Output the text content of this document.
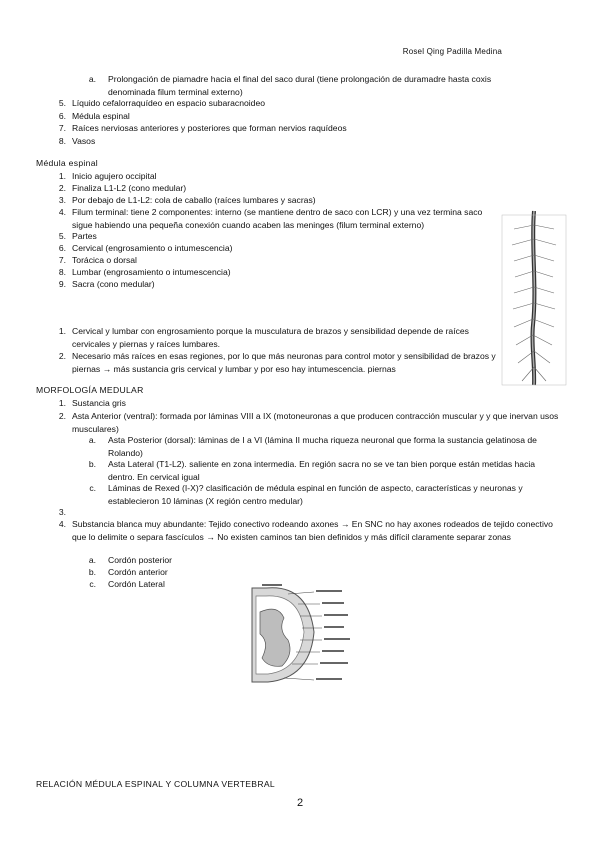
Rosel Qing Padilla Medina
a. Prolongación de piamadre hacia el final del saco dural (tiene prolongación de duramadre hasta coxis denominada filum terminal externo)
5. Líquido cefalorraquídeo en espacio subaracnoideo
6. Médula espinal
7. Raíces nerviosas anteriores y posteriores que forman nervios raquídeos
8. Vasos
Médula espinal
1. Inicio agujero occipital
2. Finaliza L1-L2 (cono medular)
3. Por debajo de L1-L2: cola de caballo (raíces lumbares y sacras)
4. Filum terminal: tiene 2 componentes: interno (se mantiene dentro de saco con LCR) y una vez termina saco sigue habiendo una pequeña conexión cuando acaben las meninges (filum terminal externo)
5. Partes
6. Cervical (engrosamiento o intumescencia)
7. Torácica o dorsal
8. Lumbar (engrosamiento o intumescencia)
9. Sacra (cono medular)
1. Cervical y lumbar con engrosamiento porque la musculatura de brazos y sensibilidad depende de raíces cervicales y piernas y raíces lumbares.
2. Necesario más raíces en esas regiones, por lo que más neuronas para control motor y sensibilidad de brazos y piernas → más sustancia gris cervical y lumbar y por eso hay intumescencia. piernas
MORFOLOGÍA MEDULAR
1. Sustancia gris
2. Asta Anterior (ventral): formada por láminas VIII a IX (motoneuronas a que producen contracción muscular y y que inervan usos musculares)
a. Asta Posterior (dorsal): láminas de I a VI (lámina II mucha riqueza neuronal que forma la sustancia gelatinosa de Rolando)
b. Asta Lateral (T1-L2). saliente en zona intermedia. En región sacra no se ve tan bien porque están metidas hacia dentro. En cervical igual
c. Láminas de Rexed (I-X)? clasificación de médula espinal en función de aspecto, características y neuronas y establecieron 10 láminas (X región centro medular)
3.
4. Substancia blanca muy abundante: Tejido conectivo rodeando axones → En SNC no hay axones rodeados de tejido conectivo que lo delimite o separa fascículos → No existen caminos tan bien definidos y más difícil claramente separar zonas
a. Cordón posterior
b. Cordón anterior
c. Cordón Lateral
RELACIÓN MÉDULA ESPINAL Y COLUMNA VERTEBRAL
2
